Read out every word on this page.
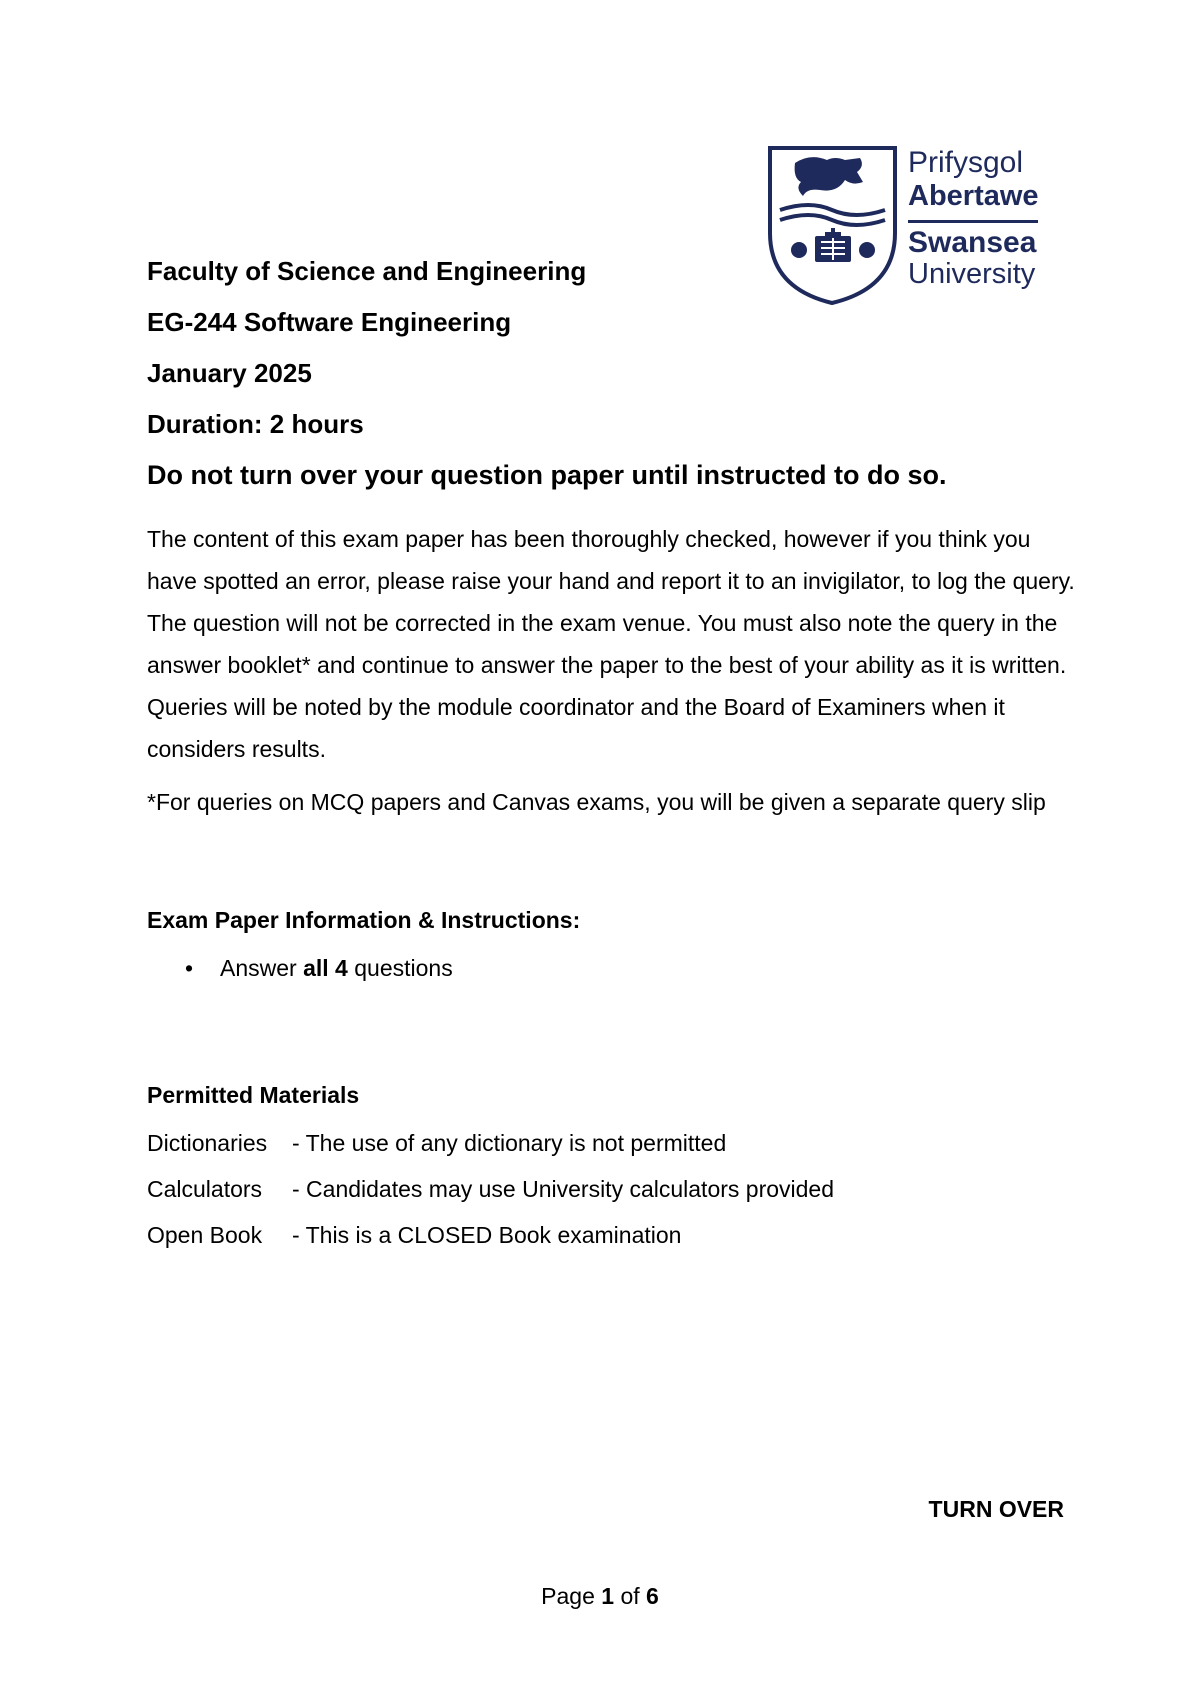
Prifysgol
Abertawe
Swansea
University
Faculty of Science and Engineering
EG-244 Software Engineering
January 2025
Duration: 2 hours
Do not turn over your question paper until instructed to do so.
The content of this exam paper has been thoroughly checked, however if you think you have spotted an error, please raise your hand and report it to an invigilator, to log the query. The question will not be corrected in the exam venue. You must also note the query in the answer booklet* and continue to answer the paper to the best of your ability as it is written. Queries will be noted by the module coordinator and the Board of Examiners when it considers results.
*For queries on MCQ papers and Canvas exams, you will be given a separate query slip
Exam Paper Information & Instructions:
• Answer all 4 questions
Permitted Materials
Dictionaries - The use of any dictionary is not permitted
Calculators - Candidates may use University calculators provided
Open Book - This is a CLOSED Book examination
TURN OVER
Page 1 of 6
